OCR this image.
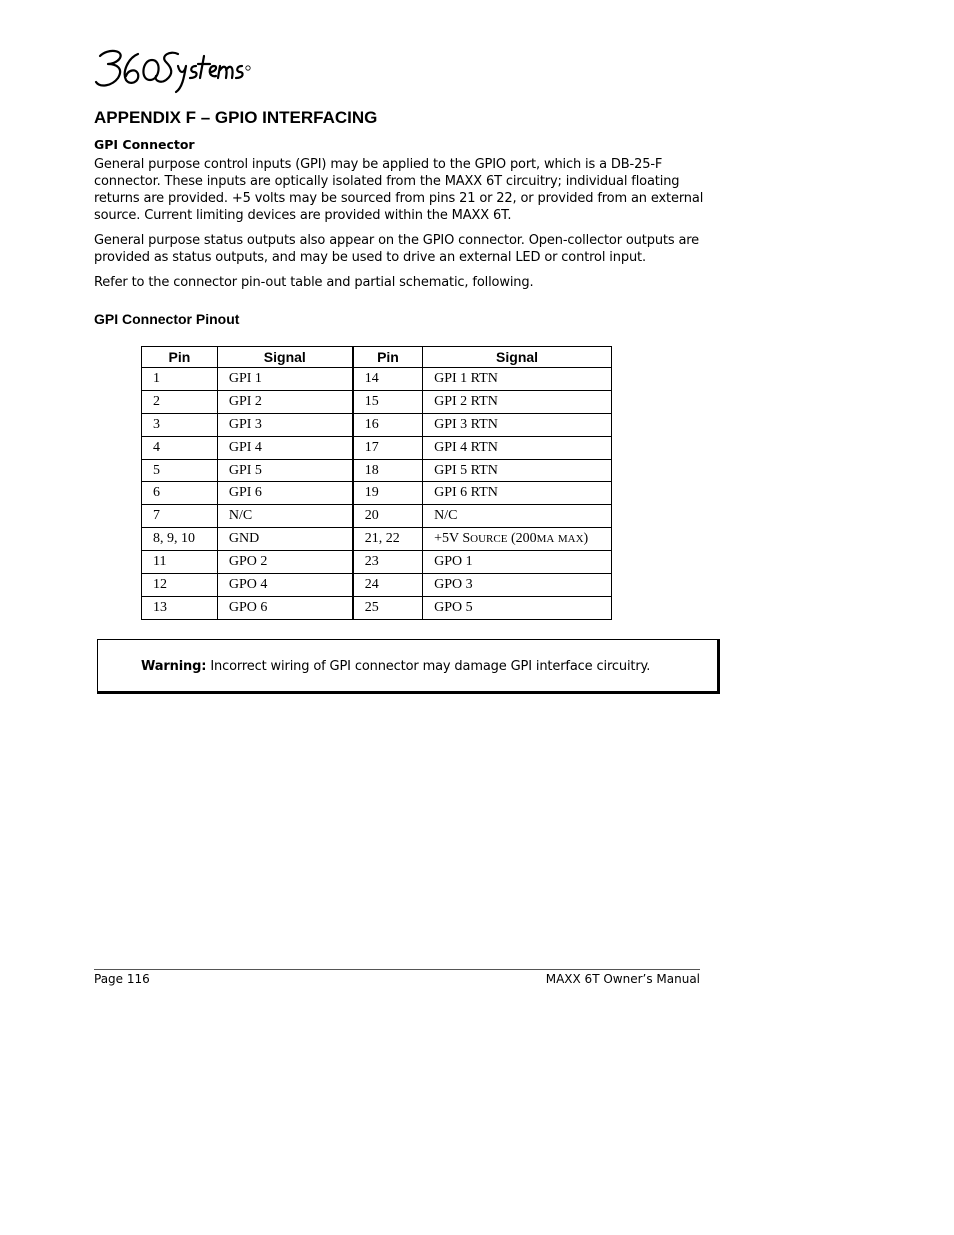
APPENDIX F – GPIO INTERFACING
GPI Connector

General purpose control inputs (GPI) may be applied to the GPIO port, which is a DB-25-F
connector. These inputs are optically isolated from the MAXX 6T circuitry; individual floating
returns are provided. +5 volts may be sourced from pins 21 or 22, or provided from an external
source. Current limiting devices are provided within the MAXX 6T.

General purpose status outputs also appear on the GPIO connector. Open-collector outputs are
provided as status outputs, and may be used to drive an external LED or control input.

Refer to the connector pin-out table and partial schematic, following.

GPI Connector Pinout
Pin	Signal	Pin	Signal
1	GPI 1	14	GPI 1 RTN
2	GPI 2	15	GPI 2 RTN
3	GPI 3	16	GPI 3 RTN
4	GPI 4	17	GPI 4 RTN
5	GPI 5	18	GPI 5 RTN
6	GPI 6	19	GPI 6 RTN
7	N/C	20	N/C
8, 9, 10	GND	21, 22	+5V SOURCE (200MA MAX)
11	GPO 2	23	GPO 1
12	GPO 4	24	GPO 3
13	GPO 6	25	GPO 5
Warning: Incorrect wiring of GPI connector may damage GPI interface circuitry.
Page 116	MAXX 6T Owner’s Manual
